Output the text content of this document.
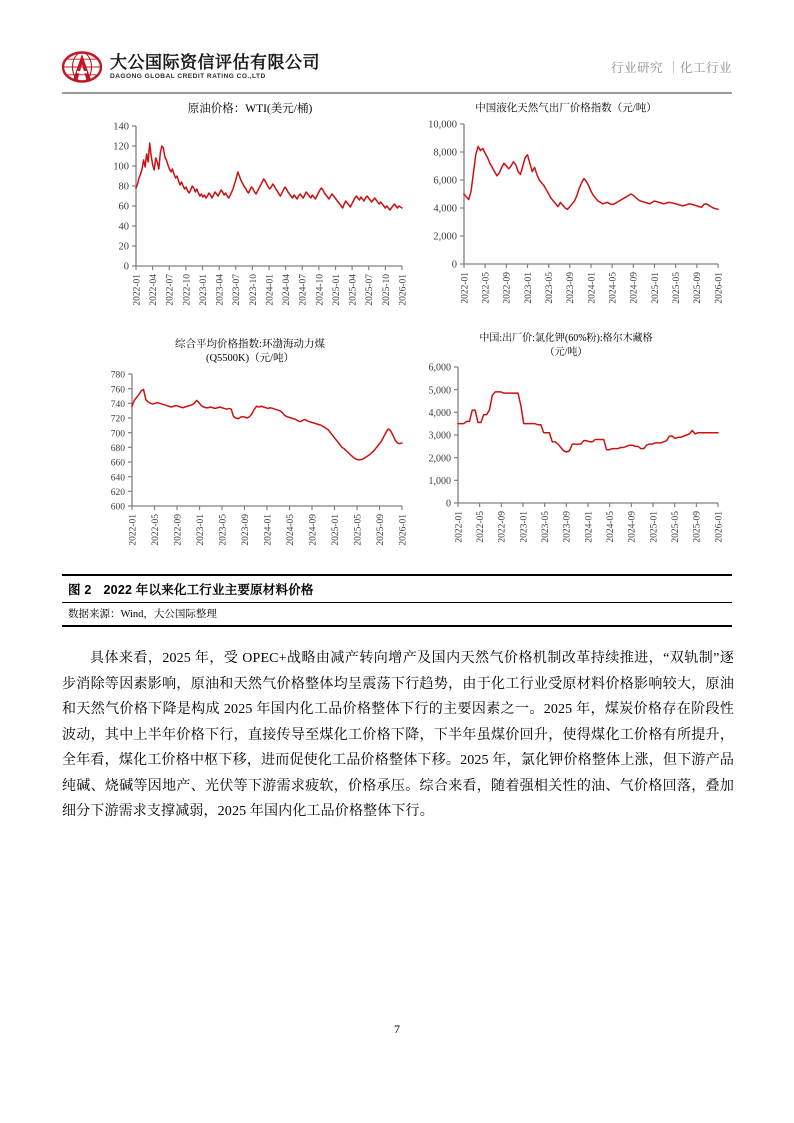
大公国际资信评估有限公司
DAGONG GLOBAL CREDIT RATING CO.,LTD
行业研究 ｜化工行业
原油价格：WTI(美元/桶)
0
20
40
60
80
100
120
140
2022-01 2022-04 2022-07 2022-10 2023-01 2023-04 2023-07 2023-10 2024-01 2024-04 2024-07 2024-10 2025-01 2025-04 2025-07 2025-10 2026-01
中国液化天然气出厂价格指数（元/吨）
0
2,000
4,000
6,000
8,000
10,000
2022-01 2022-05 2022-09 2023-01 2023-05 2023-09 2024-01 2024-05 2024-09 2025-01 2025-05 2025-09 2026-01
综合平均价格指数:环渤海动力煤
(Q5500K)（元/吨）
600
620
640
660
680
700
720
740
760
780
2022-01 2022-05 2022-09 2023-01 2023-05 2023-09 2024-01 2024-05 2024-09 2025-01 2025-05 2025-09 2026-01
中国:出厂价:氯化钾(60%粉):格尔木藏格
（元/吨）
0
1,000
2,000
3,000
4,000
5,000
6,000
2022-01 2022-05 2022-09 2023-01 2023-05 2023-09 2024-01 2024-05 2024-09 2025-01 2025-05 2025-09 2026-01
图 2 2022 年以来化工行业主要原材料价格
数据来源：Wind，大公国际整理

具体来看，2025 年，受 OPEC+战略由减产转向增产及国内天然气价格机制改革持续推进，“双轨制”逐步消除等因素影响，原油和天然气价格整体均呈震荡下行趋势，由于化工行业受原材料价格影响较大，原油和天然气价格下降是构成 2025 年国内化工品价格整体下行的主要因素之一。2025 年，煤炭价格存在阶段性波动，其中上半年价格下行，直接传导至煤化工价格下降，下半年虽煤价回升，使得煤化工价格有所提升，全年看，煤化工价格中枢下移，进而促使化工品价格整体下移。2025 年，氯化钾价格整体上涨，但下游产品纯碱、烧碱等因地产、光伏等下游需求疲软，价格承压。综合来看，随着强相关性的油、气价格回落，叠加细分下游需求支撑减弱，2025 年国内化工品价格整体下行。

7
